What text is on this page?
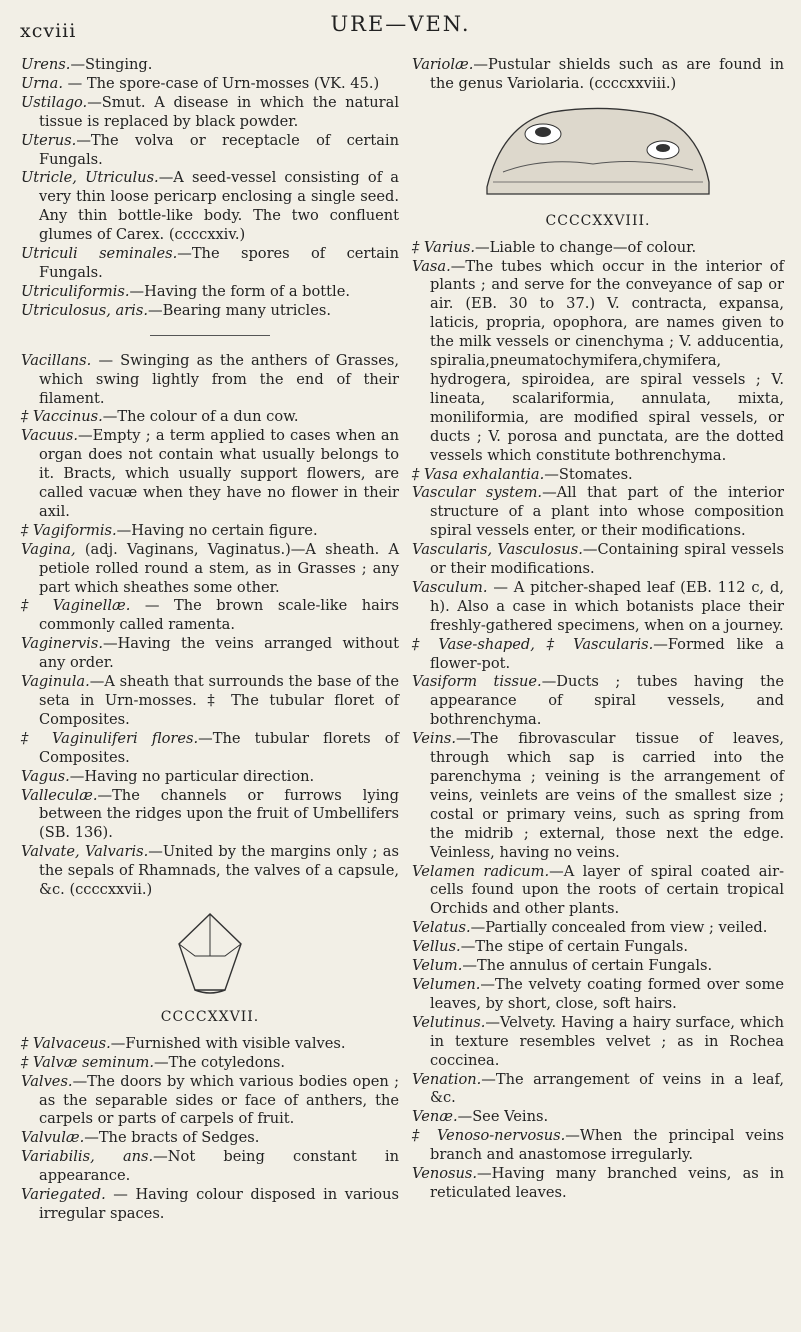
xcviii	URE—VEN.

Urens.—Stinging.

Urna. — The spore-case of Urn-mosses (VK. 45.)

Ustilago.—Smut. A disease in which the natural tissue is replaced by black powder.

Uterus.—The volva or receptacle of certain Fungals.

Utricle, Utriculus.—A seed-vessel consisting of a very thin loose pericarp enclosing a single seed. Any thin bottle-like body. The two confluent glumes of Carex. (ccccxxiv.)

Utriculi seminales.—The spores of certain Fungals.

Utriculiformis.—Having the form of a bottle.

Utriculosus, aris.—Bearing many utricles.

Vacillans. — Swinging as the anthers of Grasses, which swing lightly from the end of their filament.

‡ Vaccinus.—The colour of a dun cow.

Vacuus.—Empty ; a term applied to cases when an organ does not contain what usually belongs to it. Bracts, which usually support flowers, are called vacuæ when they have no flower in their axil.

‡ Vagiformis.—Having no certain figure.

Vagina, (adj. Vaginans, Vaginatus.)—A sheath. A petiole rolled round a stem, as in Grasses ; any part which sheathes some other.

‡ Vaginellæ. — The brown scale-like hairs commonly called ramenta.

Vaginervis.—Having the veins arranged without any order.

Vaginula.—A sheath that surrounds the base of the seta in Urn-mosses. ‡ The tubular floret of Composites.

‡ Vaginuliferi flores.—The tubular florets of Composites.

Vagus.—Having no particular direction.

Valleculæ.—The channels or furrows lying between the ridges upon the fruit of Umbellifers (SB. 136).

Valvate, Valvaris.—United by the margins only ; as the sepals of Rhamnads, the valves of a capsule, &c. (ccccxxvii.)

CCCCXXVII.

‡ Valvaceus.—Furnished with visible valves.

‡ Valvæ seminum.—The cotyledons.

Valves.—The doors by which various bodies open ; as the separable sides or face of anthers, the carpels or parts of carpels of fruit.

Valvulæ.—The bracts of Sedges.

Variabilis, ans.—Not being constant in appearance.

Variegated. — Having colour disposed in various irregular spaces.

Variolæ.—Pustular shields such as are found in the genus Variolaria. (ccccxxviii.)

CCCCXXVIII.

‡ Varius.—Liable to change—of colour.

Vasa.—The tubes which occur in the interior of plants ; and serve for the conveyance of sap or air. (EB. 30 to 37.) V. contracta, expansa, laticis, propria, opophora, are names given to the milk vessels or cinenchyma ; V. adducentia, spiralia,pneumatochymifera,chymifera, hydrogera, spiroidea, are spiral vessels ; V. lineata, scalariformia, annulata, mixta, moniliformia, are modified spiral vessels, or ducts ; V. porosa and punctata, are the dotted vessels which constitute bothrenchyma.

‡ Vasa exhalantia.—Stomates.

Vascular system.—All that part of the interior structure of a plant into whose composition spiral vessels enter, or their modifications.

Vascularis, Vasculosus.—Containing spiral vessels or their modifications.

Vasculum. — A pitcher-shaped leaf (EB. 112 c, d, h). Also a case in which botanists place their freshly-gathered specimens, when on a journey.

‡ Vase-shaped, ‡ Vascularis.—Formed like a flower-pot.

Vasiform tissue.—Ducts ; tubes having the appearance of spiral vessels, and bothrenchyma.

Veins.—The fibrovascular tissue of leaves, through which sap is carried into the parenchyma ; veining is the arrangement of veins, veinlets are veins of the smallest size ; costal or primary veins, such as spring from the midrib ; external, those next the edge. Veinless, having no veins.

Velamen radicum.—A layer of spiral coated air-cells found upon the roots of certain tropical Orchids and other plants.

Velatus.—Partially concealed from view ; veiled.

Vellus.—The stipe of certain Fungals.

Velum.—The annulus of certain Fungals.

Velumen.—The velvety coating formed over some leaves, by short, close, soft hairs.

Velutinus.—Velvety. Having a hairy surface, which in texture resembles velvet ; as in Rochea coccinea.

Venation.—The arrangement of veins in a leaf, &c.

Venæ.—See Veins.

‡ Venoso-nervosus.—When the principal veins branch and anastomose irregularly.

Venosus.—Having many branched veins, as in reticulated leaves.
